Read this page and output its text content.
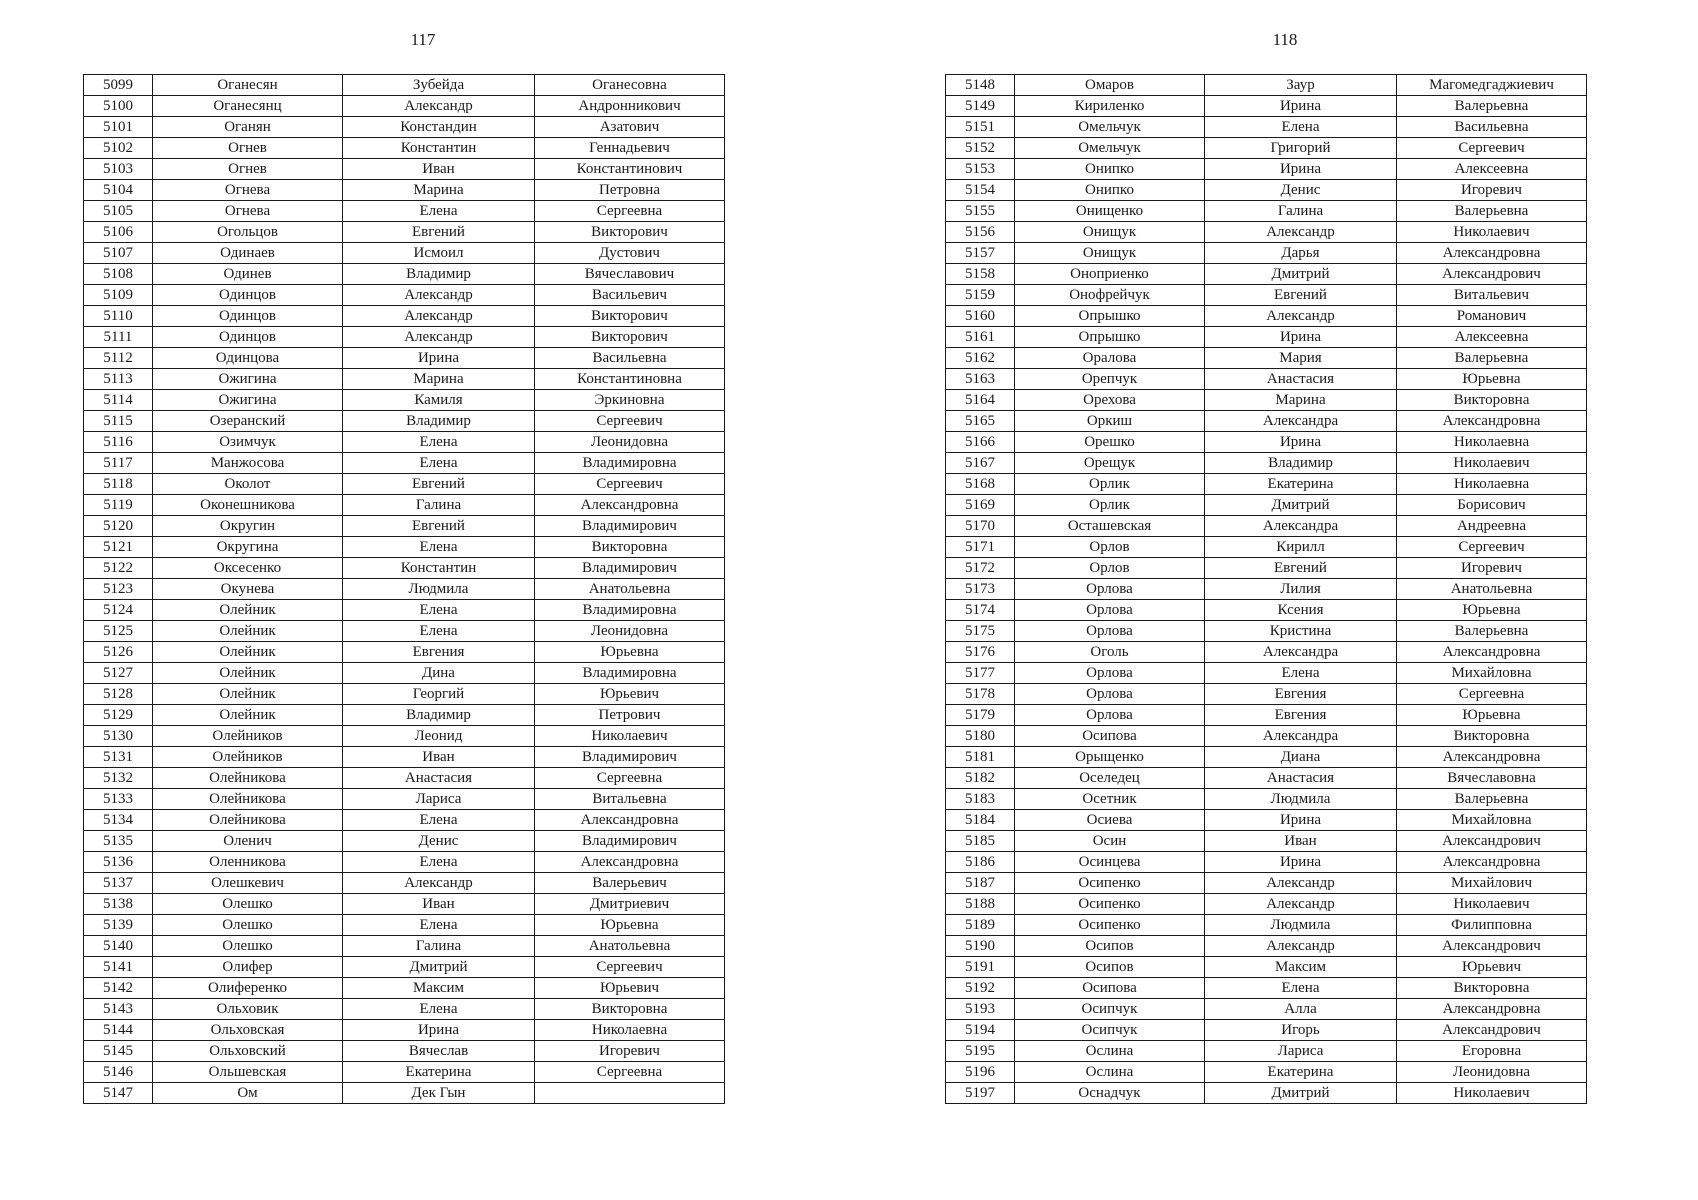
117	118
5099	Оганесян	Зубейда	Оганесовна
5100	Оганесянц	Александр	Андронникович
5101	Оганян	Констандин	Азатович
5102	Огнев	Константин	Геннадьевич
5103	Огнев	Иван	Константинович
5104	Огнева	Марина	Петровна
5105	Огнева	Елена	Сергеевна
5106	Огольцов	Евгений	Викторович
5107	Одинаев	Исмоил	Дустович
5108	Одинев	Владимир	Вячеславович
5109	Одинцов	Александр	Васильевич
5110	Одинцов	Александр	Викторович
5111	Одинцов	Александр	Викторович
5112	Одинцова	Ирина	Васильевна
5113	Ожигина	Марина	Константиновна
5114	Ожигина	Камиля	Эркиновна
5115	Озеранский	Владимир	Сергеевич
5116	Озимчук	Елена	Леонидовна
5117	Манжосова	Елена	Владимировна
5118	Околот	Евгений	Сергеевич
5119	Оконешникова	Галина	Александровна
5120	Округин	Евгений	Владимирович
5121	Округина	Елена	Викторовна
5122	Оксесенко	Константин	Владимирович
5123	Окунева	Людмила	Анатольевна
5124	Олейник	Елена	Владимировна
5125	Олейник	Елена	Леонидовна
5126	Олейник	Евгения	Юрьевна
5127	Олейник	Дина	Владимировна
5128	Олейник	Георгий	Юрьевич
5129	Олейник	Владимир	Петрович
5130	Олейников	Леонид	Николаевич
5131	Олейников	Иван	Владимирович
5132	Олейникова	Анастасия	Сергеевна
5133	Олейникова	Лариса	Витальевна
5134	Олейникова	Елена	Александровна
5135	Оленич	Денис	Владимирович
5136	Оленникова	Елена	Александровна
5137	Олешкевич	Александр	Валерьевич
5138	Олешко	Иван	Дмитриевич
5139	Олешко	Елена	Юрьевна
5140	Олешко	Галина	Анатольевна
5141	Олифер	Дмитрий	Сергеевич
5142	Олиференко	Максим	Юрьевич
5143	Ольховик	Елена	Викторовна
5144	Ольховская	Ирина	Николаевна
5145	Ольховский	Вячеслав	Игоревич
5146	Ольшевская	Екатерина	Сергеевна
5147	Ом	Дек Гын	
5148	Омаров	Заур	Магомедгаджиевич
5149	Кириленко	Ирина	Валерьевна
5151	Омельчук	Елена	Васильевна
5152	Омельчук	Григорий	Сергеевич
5153	Онипко	Ирина	Алексеевна
5154	Онипко	Денис	Игоревич
5155	Онищенко	Галина	Валерьевна
5156	Онищук	Александр	Николаевич
5157	Онищук	Дарья	Александровна
5158	Оноприенко	Дмитрий	Александрович
5159	Онофрейчук	Евгений	Витальевич
5160	Опрышко	Александр	Романович
5161	Опрышко	Ирина	Алексеевна
5162	Оралова	Мария	Валерьевна
5163	Орепчук	Анастасия	Юрьевна
5164	Орехова	Марина	Викторовна
5165	Оркиш	Александра	Александровна
5166	Орешко	Ирина	Николаевна
5167	Орещук	Владимир	Николаевич
5168	Орлик	Екатерина	Николаевна
5169	Орлик	Дмитрий	Борисович
5170	Осташевская	Александра	Андреевна
5171	Орлов	Кирилл	Сергеевич
5172	Орлов	Евгений	Игоревич
5173	Орлова	Лилия	Анатольевна
5174	Орлова	Ксения	Юрьевна
5175	Орлова	Кристина	Валерьевна
5176	Оголь	Александра	Александровна
5177	Орлова	Елена	Михайловна
5178	Орлова	Евгения	Сергеевна
5179	Орлова	Евгения	Юрьевна
5180	Осипова	Александра	Викторовна
5181	Орыщенко	Диана	Александровна
5182	Оселедец	Анастасия	Вячеславовна
5183	Осетник	Людмила	Валерьевна
5184	Осиева	Ирина	Михайловна
5185	Осин	Иван	Александрович
5186	Осинцева	Ирина	Александровна
5187	Осипенко	Александр	Михайлович
5188	Осипенко	Александр	Николаевич
5189	Осипенко	Людмила	Филипповна
5190	Осипов	Александр	Александрович
5191	Осипов	Максим	Юрьевич
5192	Осипова	Елена	Викторовна
5193	Осипчук	Алла	Александровна
5194	Осипчук	Игорь	Александрович
5195	Ослина	Лариса	Егоровна
5196	Ослина	Екатерина	Леонидовна
5197	Оснадчук	Дмитрий	Николаевич
